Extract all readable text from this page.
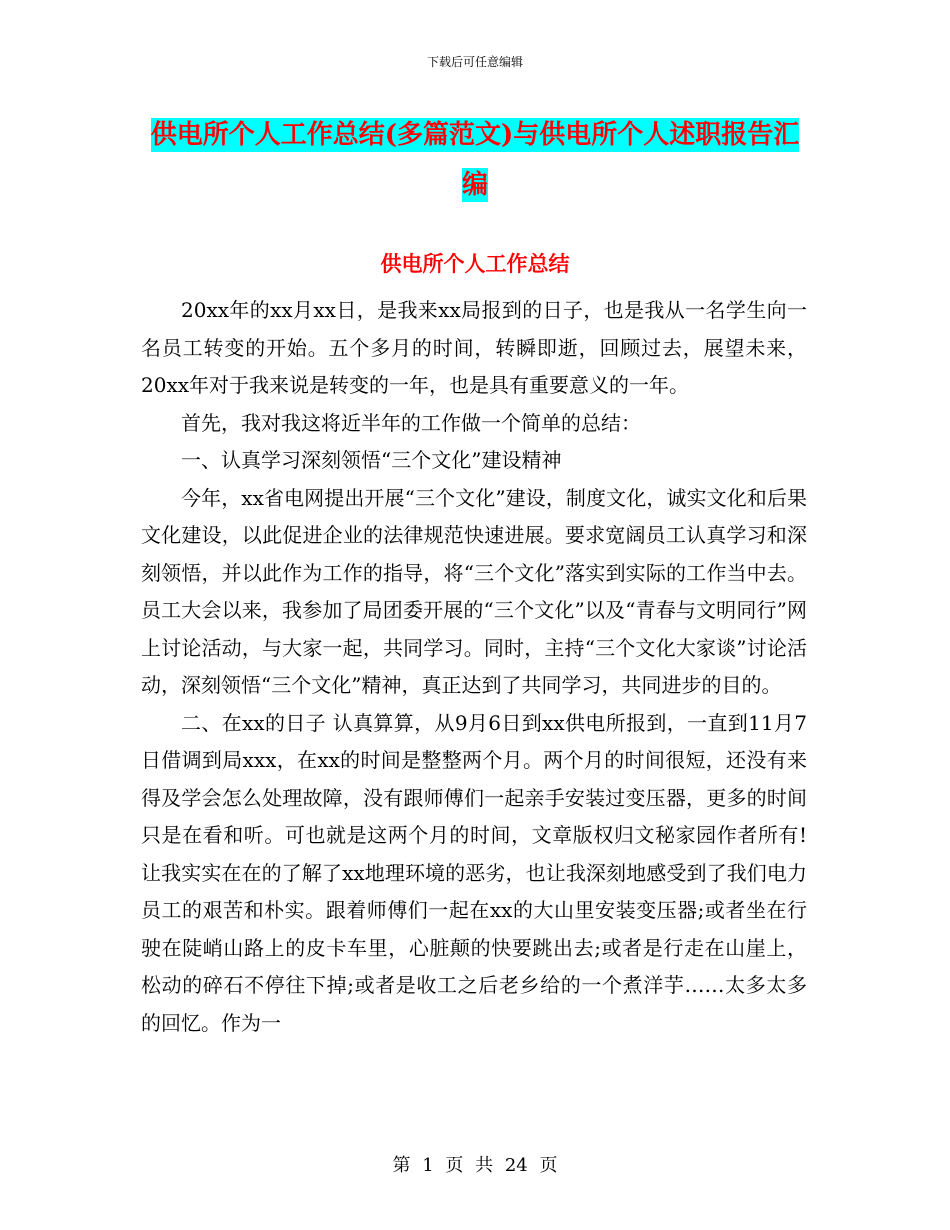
下载后可任意编辑
供电所个人工作总结(多篇范文)与供电所个人述职报告汇编
供电所个人工作总结

20xx年的xx月xx日，是我来xx局报到的日子，也是我从一名学生向一名员工转变的开始。五个多月的时间，转瞬即逝，回顾过去，展望未来，20xx年对于我来说是转变的一年，也是具有重要意义的一年。

首先，我对我这将近半年的工作做一个简单的总结：

一、认真学习深刻领悟“三个文化”建设精神

今年，xx省电网提出开展“三个文化”建设，制度文化，诚实文化和后果文化建设，以此促进企业的法律规范快速进展。要求宽阔员工认真学习和深刻领悟，并以此作为工作的指导，将“三个文化”落实到实际的工作当中去。员工大会以来，我参加了局团委开展的“三个文化”以及“青春与文明同行”网上讨论活动，与大家一起，共同学习。同时，主持“三个文化大家谈”讨论活动，深刻领悟“三个文化”精神，真正达到了共同学习，共同进步的目的。

二、在xx的日子 认真算算，从9月6日到xx供电所报到，一直到11月7日借调到局xxx，在xx的时间是整整两个月。两个月的时间很短，还没有来得及学会怎么处理故障，没有跟师傅们一起亲手安装过变压器，更多的时间只是在看和听。可也就是这两个月的时间，文章版权归文秘家园作者所有!让我实实在在的了解了xx地理环境的恶劣，也让我深刻地感受到了我们电力员工的艰苦和朴实。跟着师傅们一起在xx的大山里安装变压器;或者坐在行驶在陡峭山路上的皮卡车里，心脏颠的快要跳出去;或者是行走在山崖上，松动的碎石不停往下掉;或者是收工之后老乡给的一个煮洋芋……太多太多的回忆。作为一

第 1 页 共 24 页
